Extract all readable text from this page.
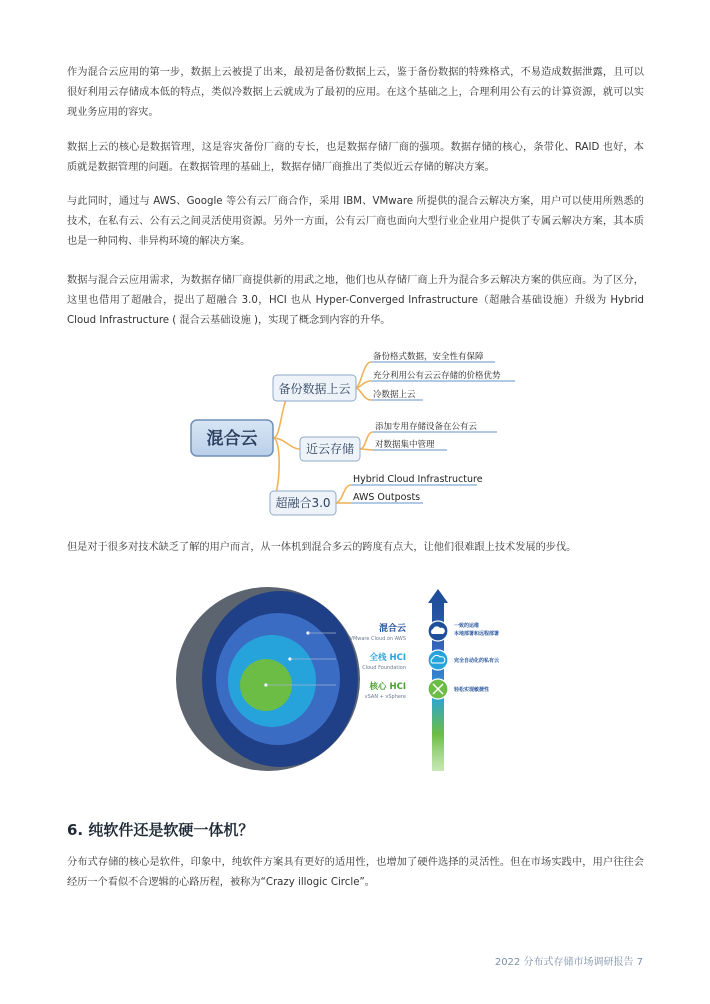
作为混合云应用的第一步，数据上云被提了出来，最初是备份数据上云，鉴于备份数据的特殊格式，不易造成数据泄露，且可以很好利用云存储成本低的特点，类似冷数据上云就成为了最初的应用。在这个基础之上，合理利用公有云的计算资源，就可以实现业务应用的容灾。

数据上云的核心是数据管理，这是容灾备份厂商的专长，也是数据存储厂商的强项。数据存储的核心，条带化、RAID 也好，本质就是数据管理的问题。在数据管理的基础上，数据存储厂商推出了类似近云存储的解决方案。

与此同时，通过与 AWS、Google 等公有云厂商合作，采用 IBM、VMware 所提供的混合云解决方案，用户可以使用所熟悉的技术，在私有云、公有云之间灵活使用资源。另外一方面，公有云厂商也面向大型行业企业用户提供了专属云解决方案，其本质也是一种同构、非异构环境的解决方案。

数据与混合云应用需求，为数据存储厂商提供新的用武之地，他们也从存储厂商上升为混合多云解决方案的供应商。为了区分，这里也借用了超融合，提出了超融合 3.0，HCI 也从 Hyper-Converged Infrastructure（超融合基础设施）升级为 Hybrid Cloud Infrastructure ( 混合云基础设施 )，实现了概念到内容的升华。

混合云
备份数据上云
备份格式数据，安全性有保障
充分利用公有云云存储的价格优势
冷数据上云
近云存储
添加专用存储设备在公有云
对数据集中管理
超融合3.0
Hybrid Cloud Infrastructure
AWS Outposts

但是对于很多对技术缺乏了解的用户而言，从一体机到混合多云的跨度有点大，让他们很难跟上技术发展的步伐。

混合云
VMware Cloud on AWS
全栈 HCI
Cloud Foundation
核心 HCI
vSAN + vSphere
一致的运维
本地部署和远程部署
完全自动化的私有云
轻松实现敏捷性
6. 纯软件还是软硬一体机？

分布式存储的核心是软件，印象中，纯软件方案具有更好的适用性，也增加了硬件选择的灵活性。但在市场实践中，用户往往会经历一个看似不合逻辑的心路历程，被称为“Crazy illogic Circle”。

2022 分布式存储市场调研报告 7
